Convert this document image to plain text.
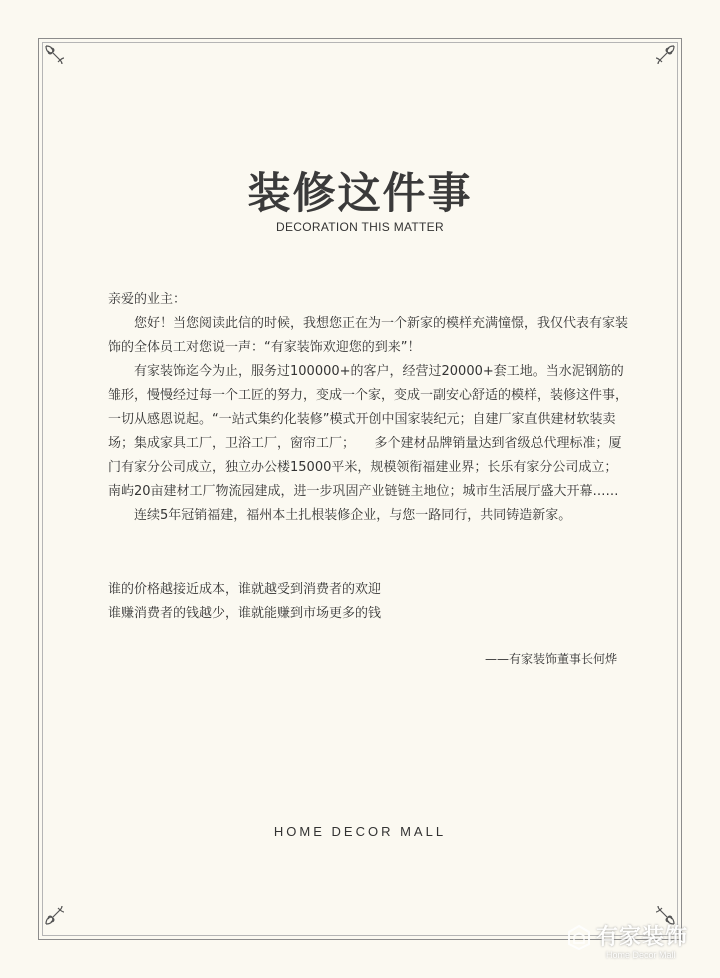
装修这件事
DECORATION THIS MATTER

亲爱的业主：

您好！当您阅读此信的时候，我想您正在为一个新家的模样充满憧憬，我仅代表有家装饰的全体员工对您说一声：“有家装饰欢迎您的到来”！

有家装饰迄今为止，服务过100000+的客户，经营过20000+套工地。当水泥钢筋的雏形，慢慢经过每一个工匠的努力，变成一个家，变成一副安心舒适的模样，装修这件事，一切从感恩说起。“一站式集约化装修”模式开创中国家装纪元；自建厂家直供建材软装卖场；集成家具工厂，卫浴工厂，窗帘工厂；　　多个建材品牌销量达到省级总代理标准；厦门有家分公司成立，独立办公楼15000平米，规模领衔福建业界；长乐有家分公司成立；南屿20亩建材工厂物流园建成，进一步巩固产业链链主地位；城市生活展厅盛大开幕……

连续5年冠销福建，福州本土扎根装修企业，与您一路同行，共同铸造新家。

谁的价格越接近成本，谁就越受到消费者的欢迎

谁赚消费者的钱越少，谁就能赚到市场更多的钱

——有家装饰董事长何烨
HOME DECOR MALL
有家装饰
Home Decor Mall
